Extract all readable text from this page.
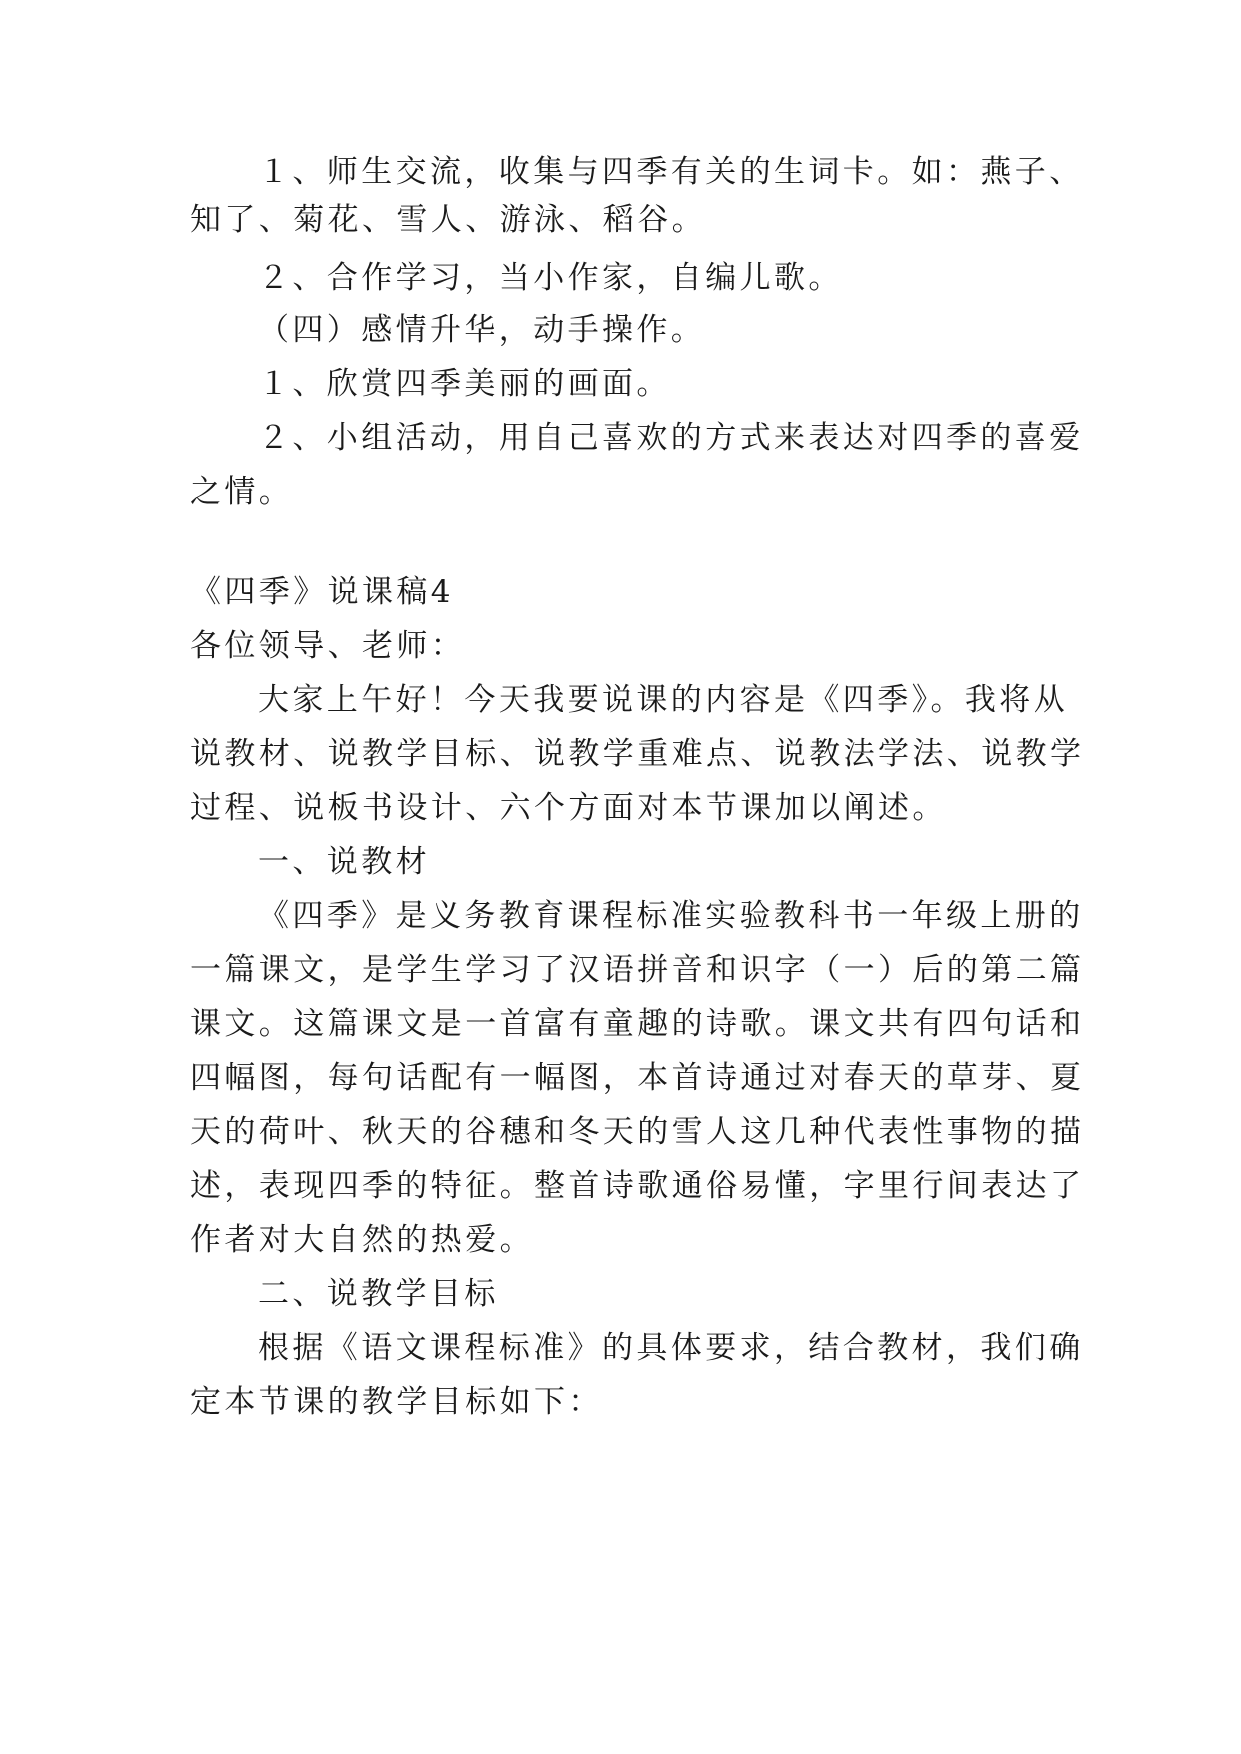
１、师生交流，收集与四季有关的生词卡。如：燕子、
知了、菊花、雪人、游泳、稻谷。
２、合作学习，当小作家，自编儿歌。
（四）感情升华，动手操作。
１、欣赏四季美丽的画面。
２、小组活动，用自己喜欢的方式来表达对四季的喜爱
之情。
《四季》说课稿4
各位领导、老师：
大家上午好！今天我要说课的内容是《四季》。我将从
说教材、说教学目标、说教学重难点、说教法学法、说教学
过程、说板书设计、六个方面对本节课加以阐述。
一、说教材
《四季》是义务教育课程标准实验教科书一年级上册的
一篇课文，是学生学习了汉语拼音和识字（一）后的第二篇
课文。这篇课文是一首富有童趣的诗歌。课文共有四句话和
四幅图，每句话配有一幅图，本首诗通过对春天的草芽、夏
天的荷叶、秋天的谷穗和冬天的雪人这几种代表性事物的描
述，表现四季的特征。整首诗歌通俗易懂，字里行间表达了
作者对大自然的热爱。
二、说教学目标
根据《语文课程标准》的具体要求，结合教材，我们确
定本节课的教学目标如下：
